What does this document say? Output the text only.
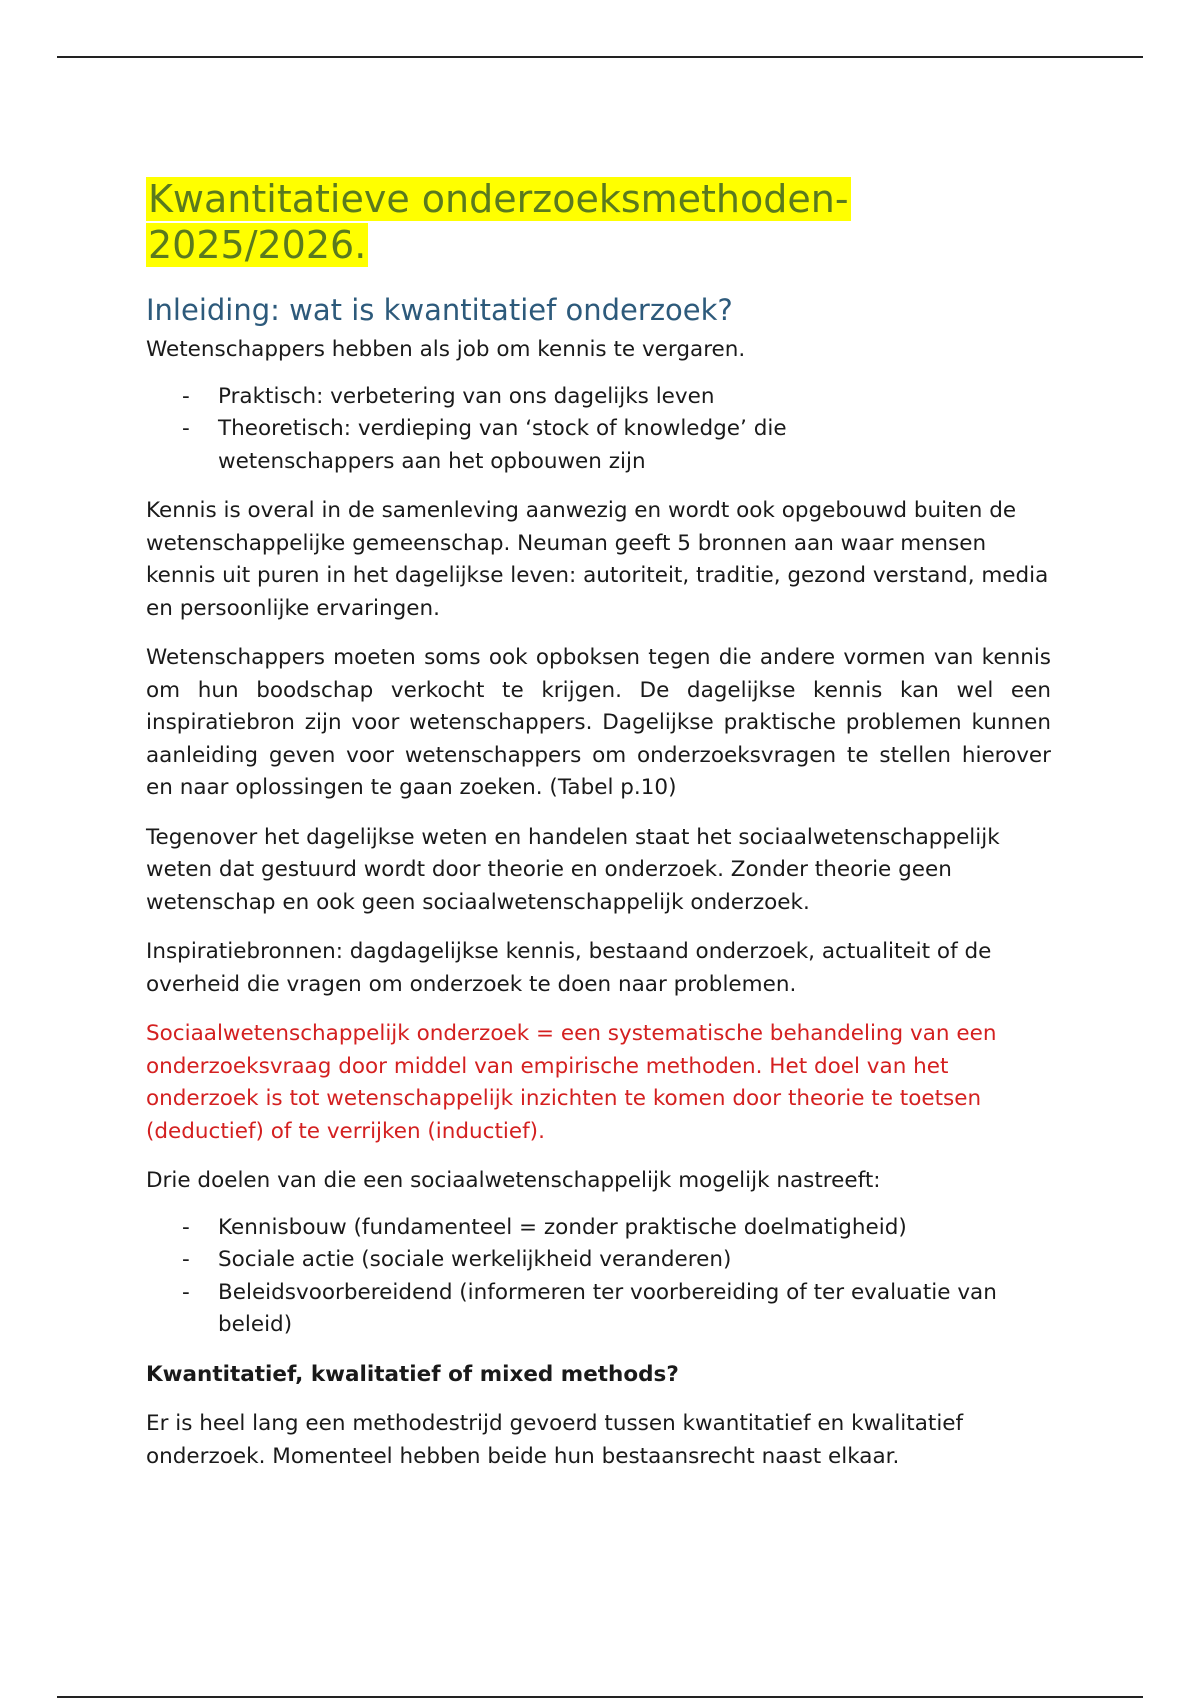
Kwantitatieve onderzoeksmethoden-2025/2026.
Inleiding: wat is kwantitatief onderzoek?

Wetenschappers hebben als job om kennis te vergaren.

- Praktisch: verbetering van ons dagelijks leven
- Theoretisch: verdieping van ‘stock of knowledge’ die wetenschappers aan het opbouwen zijn

Kennis is overal in de samenleving aanwezig en wordt ook opgebouwd buiten de wetenschappelijke gemeenschap. Neuman geeft 5 bronnen aan waar mensen kennis uit puren in het dagelijkse leven: autoriteit, traditie, gezond verstand, media en persoonlijke ervaringen.

Wetenschappers moeten soms ook opboksen tegen die andere vormen van kennis om hun boodschap verkocht te krijgen. De dagelijkse kennis kan wel een inspiratiebron zijn voor wetenschappers. Dagelijkse praktische problemen kunnen aanleiding geven voor wetenschappers om onderzoeksvragen te stellen hierover en naar oplossingen te gaan zoeken. (Tabel p.10)

Tegenover het dagelijkse weten en handelen staat het sociaalwetenschappelijk weten dat gestuurd wordt door theorie en onderzoek. Zonder theorie geen wetenschap en ook geen sociaalwetenschappelijk onderzoek.

Inspiratiebronnen: dagdagelijkse kennis, bestaand onderzoek, actualiteit of de overheid die vragen om onderzoek te doen naar problemen.

Sociaalwetenschappelijk onderzoek = een systematische behandeling van een onderzoeksvraag door middel van empirische methoden. Het doel van het onderzoek is tot wetenschappelijk inzichten te komen door theorie te toetsen (deductief) of te verrijken (inductief).

Drie doelen van die een sociaalwetenschappelijk mogelijk nastreeft:

- Kennisbouw (fundamenteel = zonder praktische doelmatigheid)
- Sociale actie (sociale werkelijkheid veranderen)
- Beleidsvoorbereidend (informeren ter voorbereiding of ter evaluatie van beleid)

Kwantitatief, kwalitatief of mixed methods?

Er is heel lang een methodestrijd gevoerd tussen kwantitatief en kwalitatief onderzoek. Momenteel hebben beide hun bestaansrecht naast elkaar.
